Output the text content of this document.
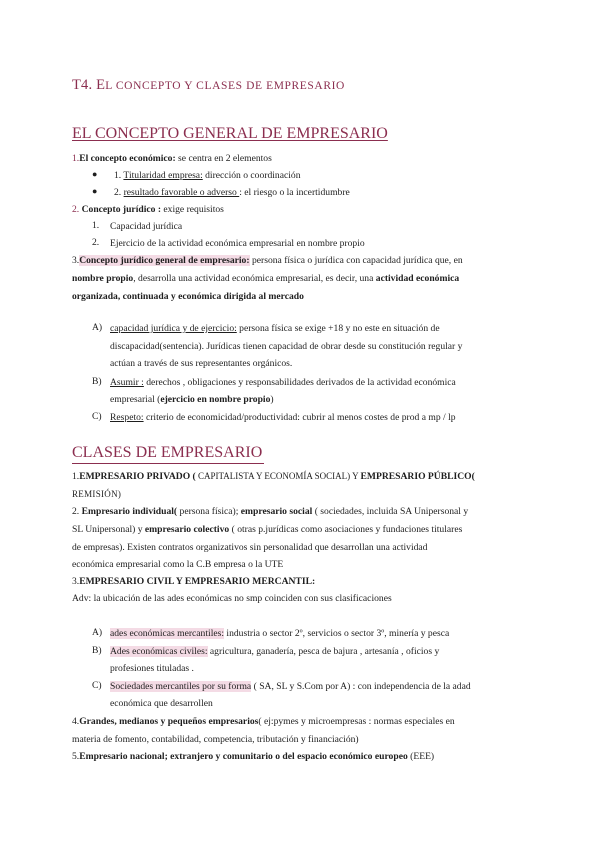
T4. EL CONCEPTO Y CLASES DE EMPRESARIO
EL CONCEPTO GENERAL DE EMPRESARIO
1.El concepto económico: se centra en 2 elementos
● 1. Titularidad empresa: dirección o coordinación
● 2. resultado favorable o adverso : el riesgo o la incertidumbre
2. Concepto jurídico : exige requisitos
1. Capacidad jurídica
2. Ejercicio de la actividad económica empresarial en nombre propio
3.Concepto jurídico general de empresario: persona física o jurídica con capacidad jurídica que, en
nombre propio, desarrolla una actividad económica empresarial, es decir, una actividad económica
organizada, continuada y económica dirigida al mercado
A) capacidad jurídica y de ejercicio: persona física se exige +18 y no este en situación de
discapacidad(sentencia). Jurídicas tienen capacidad de obrar desde su constitución regular y
actúan a través de sus representantes orgánicos.
B) Asumir : derechos , obligaciones y responsabilidades derivados de la actividad económica
empresarial (ejercicio en nombre propio)
C) Respeto: criterio de economicidad/productividad: cubrir al menos costes de prod a mp / lp
CLASES DE EMPRESARIO
1.EMPRESARIO PRIVADO ( CAPITALISTA Y ECONOMÍA SOCIAL) Y EMPRESARIO PÚBLICO(
REMISIÓN)
2. Empresario individual( persona física); empresario social ( sociedades, incluida SA Unipersonal y
SL Unipersonal) y empresario colectivo ( otras p.jurídicas como asociaciones y fundaciones titulares
de empresas). Existen contratos organizativos sin personalidad que desarrollan una actividad
económica empresarial como la C.B empresa o la UTE
3.EMPRESARIO CIVIL Y EMPRESARIO MERCANTIL:
Adv: la ubicación de las ades económicas no smp coinciden con sus clasificaciones
A) ades económicas mercantiles: industria o sector 2º, servicios o sector 3º, minería y pesca
B) Ades económicas civiles: agricultura, ganadería, pesca de bajura , artesanía , oficios y
profesiones tituladas .
C) Sociedades mercantiles por su forma ( SA, SL y S.Com por A) : con independencia de la adad
económica que desarrollen
4.Grandes, medianos y pequeños empresarios( ej:pymes y microempresas : normas especiales en
materia de fomento, contabilidad, competencia, tributación y financiación)
5.Empresario nacional; extranjero y comunitario o del espacio económico europeo (EEE)
